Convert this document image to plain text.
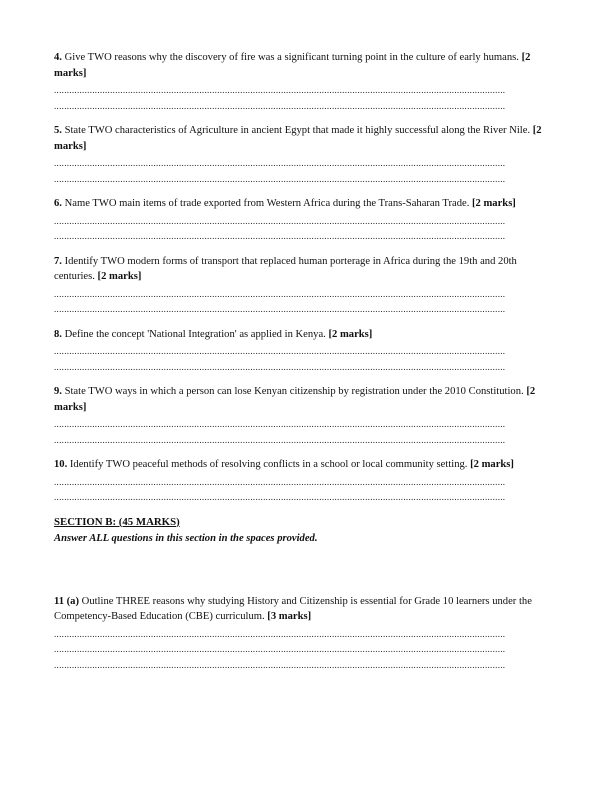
4. Give TWO reasons why the discovery of fire was a significant turning point in the culture of early humans. [2 marks]

.................................................................................................................................................................................
.................................................................................................................................................................................

5. State TWO characteristics of Agriculture in ancient Egypt that made it highly successful along the River Nile. [2 marks]

.................................................................................................................................................................................
.................................................................................................................................................................................

6. Name TWO main items of trade exported from Western Africa during the Trans-Saharan Trade. [2 marks]

.................................................................................................................................................................................
.................................................................................................................................................................................

7. Identify TWO modern forms of transport that replaced human porterage in Africa during the 19th and 20th centuries. [2 marks]

.................................................................................................................................................................................
.................................................................................................................................................................................

8. Define the concept 'National Integration' as applied in Kenya. [2 marks]

.................................................................................................................................................................................
.................................................................................................................................................................................

9. State TWO ways in which a person can lose Kenyan citizenship by registration under the 2010 Constitution. [2 marks]

.................................................................................................................................................................................
.................................................................................................................................................................................

10. Identify TWO peaceful methods of resolving conflicts in a school or local community setting. [2 marks]

.................................................................................................................................................................................
.................................................................................................................................................................................

SECTION B: (45 MARKS)

Answer ALL questions in this section in the spaces provided.

11 (a) Outline THREE reasons why studying History and Citizenship is essential for Grade 10 learners under the Competency-Based Education (CBE) curriculum. [3 marks]

.................................................................................................................................................................................
.................................................................................................................................................................................
.................................................................................................................................................................................
